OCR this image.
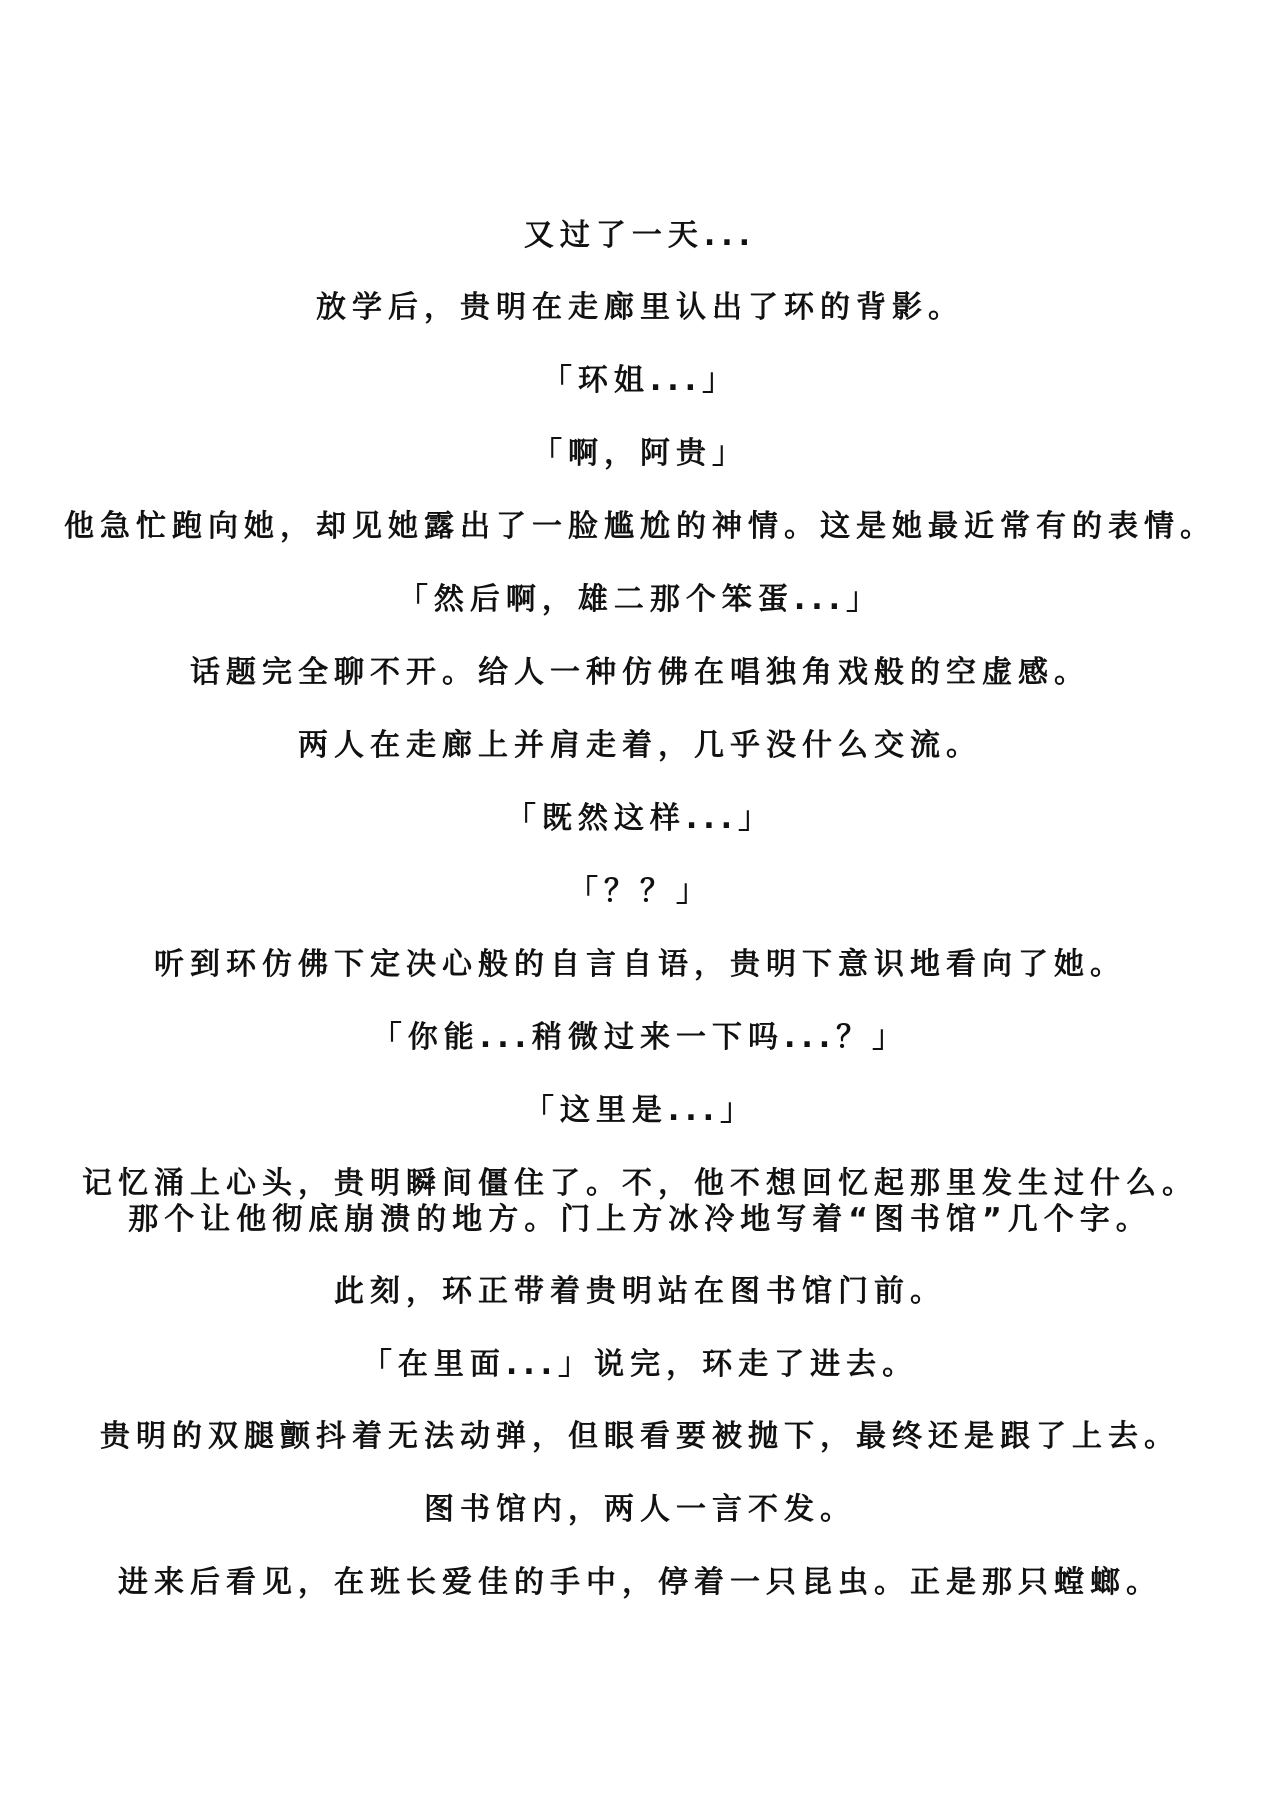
又过了一天...
放学后，贵明在走廊里认出了环的背影。
「环姐...」
「啊，阿贵」
他急忙跑向她，却见她露出了一脸尴尬的神情。这是她最近常有的表情。
「然后啊，雄二那个笨蛋...」
话题完全聊不开。给人一种仿佛在唱独角戏般的空虚感。
两人在走廊上并肩走着，几乎没什么交流。
「既然这样...」
「？？」
听到环仿佛下定决心般的自言自语，贵明下意识地看向了她。
「你能...稍微过来一下吗...？」
「这里是...」
记忆涌上心头，贵明瞬间僵住了。不，他不想回忆起那里发生过什么。
那个让他彻底崩溃的地方。门上方冰冷地写着“图书馆”几个字。
此刻，环正带着贵明站在图书馆门前。
「在里面...」说完，环走了进去。
贵明的双腿颤抖着无法动弹，但眼看要被抛下，最终还是跟了上去。
图书馆内，两人一言不发。
进来后看见，在班长爱佳的手中，停着一只昆虫。正是那只螳螂。
